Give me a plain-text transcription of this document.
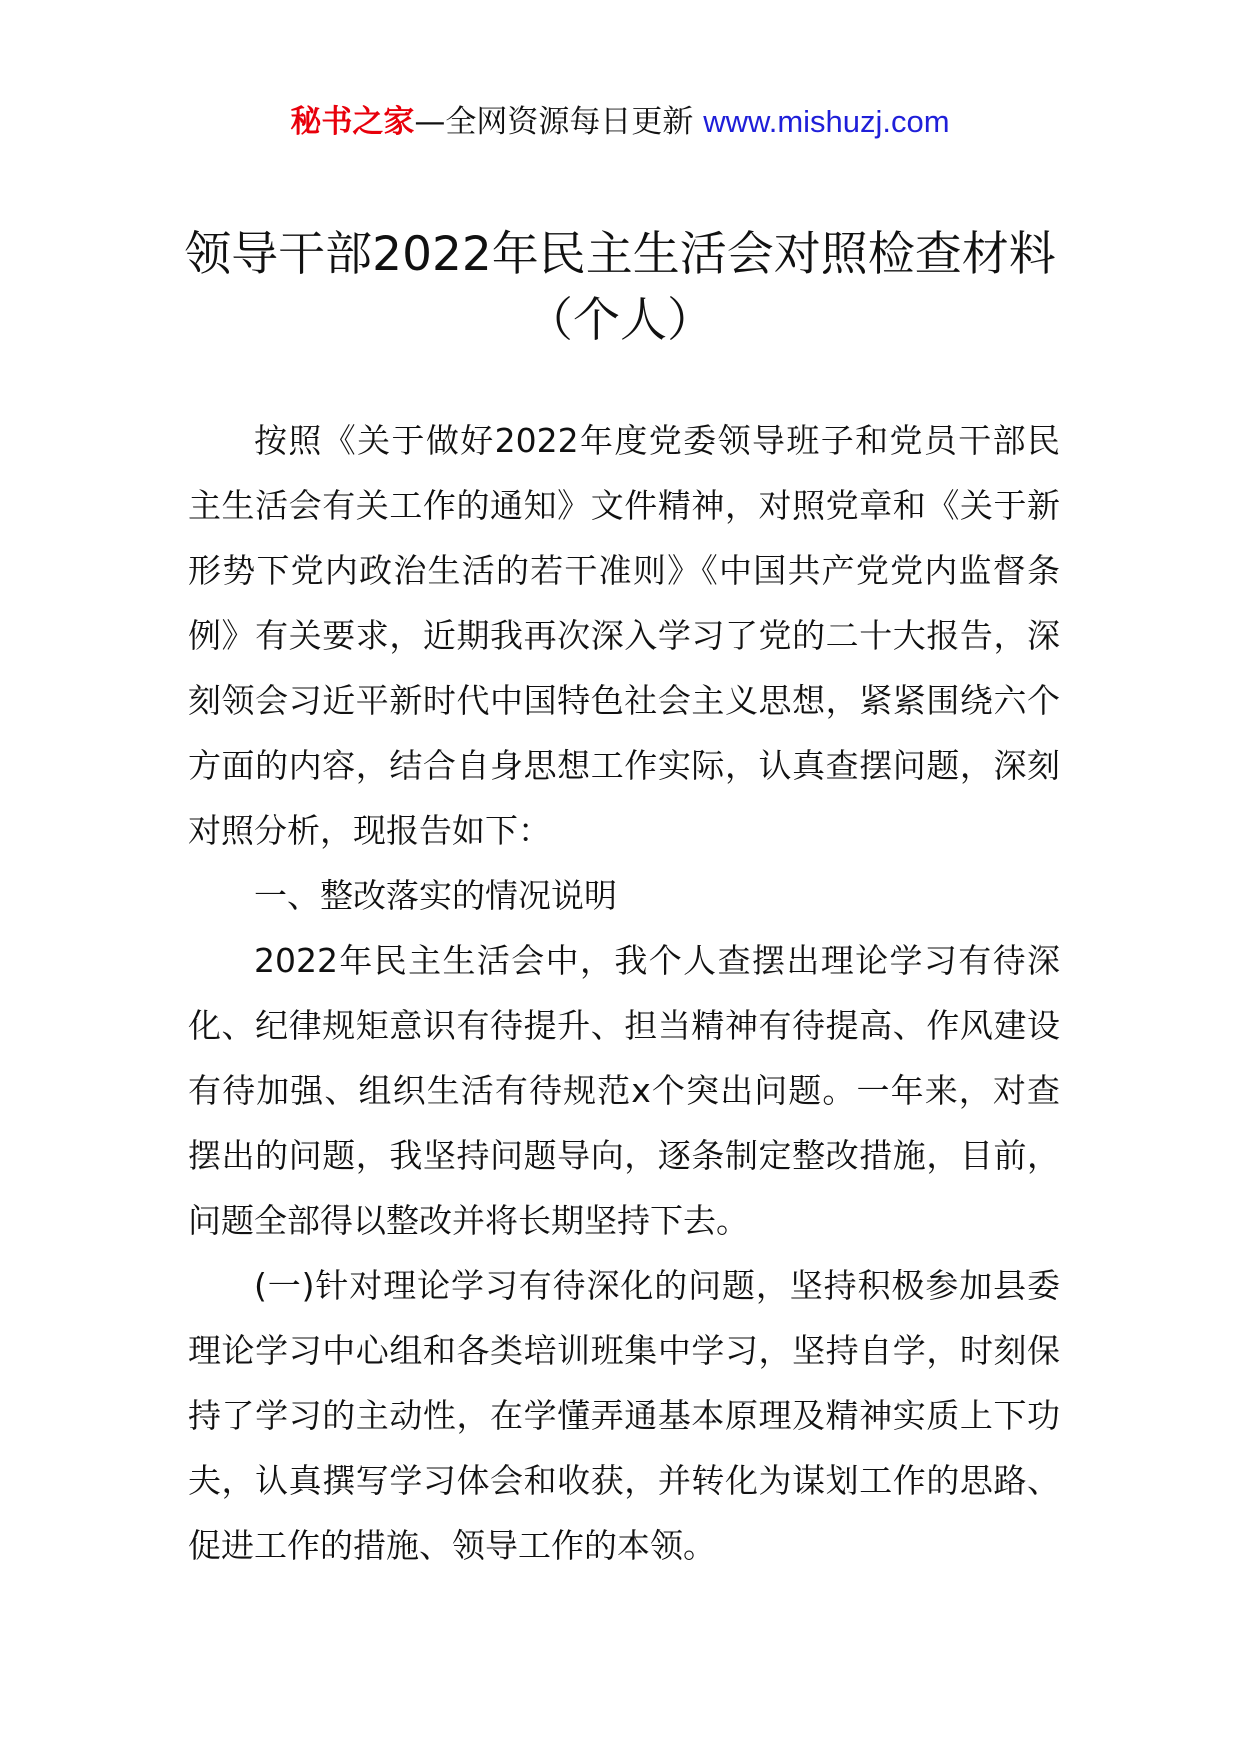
秘书之家—全网资源每日更新 www.mishuzj.com
领导干部2022年民主生活会对照检查材料
（个人）

按照《关于做好2022年度党委领导班子和党员干部民主生活会有关工作的通知》文件精神，对照党章和《关于新形势下党内政治生活的若干准则》《中国共产党党内监督条例》有关要求，近期我再次深入学习了党的二十大报告，深刻领会习近平新时代中国特色社会主义思想，紧紧围绕六个方面的内容，结合自身思想工作实际，认真查摆问题，深刻对照分析，现报告如下：

一、整改落实的情况说明

2022年民主生活会中，我个人查摆出理论学习有待深化、纪律规矩意识有待提升、担当精神有待提高、作风建设有待加强、组织生活有待规范x个突出问题。一年来，对查摆出的问题，我坚持问题导向，逐条制定整改措施，目前，问题全部得以整改并将长期坚持下去。

(一)针对理论学习有待深化的问题，坚持积极参加县委理论学习中心组和各类培训班集中学习，坚持自学，时刻保持了学习的主动性，在学懂弄通基本原理及精神实质上下功夫，认真撰写学习体会和收获，并转化为谋划工作的思路、促进工作的措施、领导工作的本领。
